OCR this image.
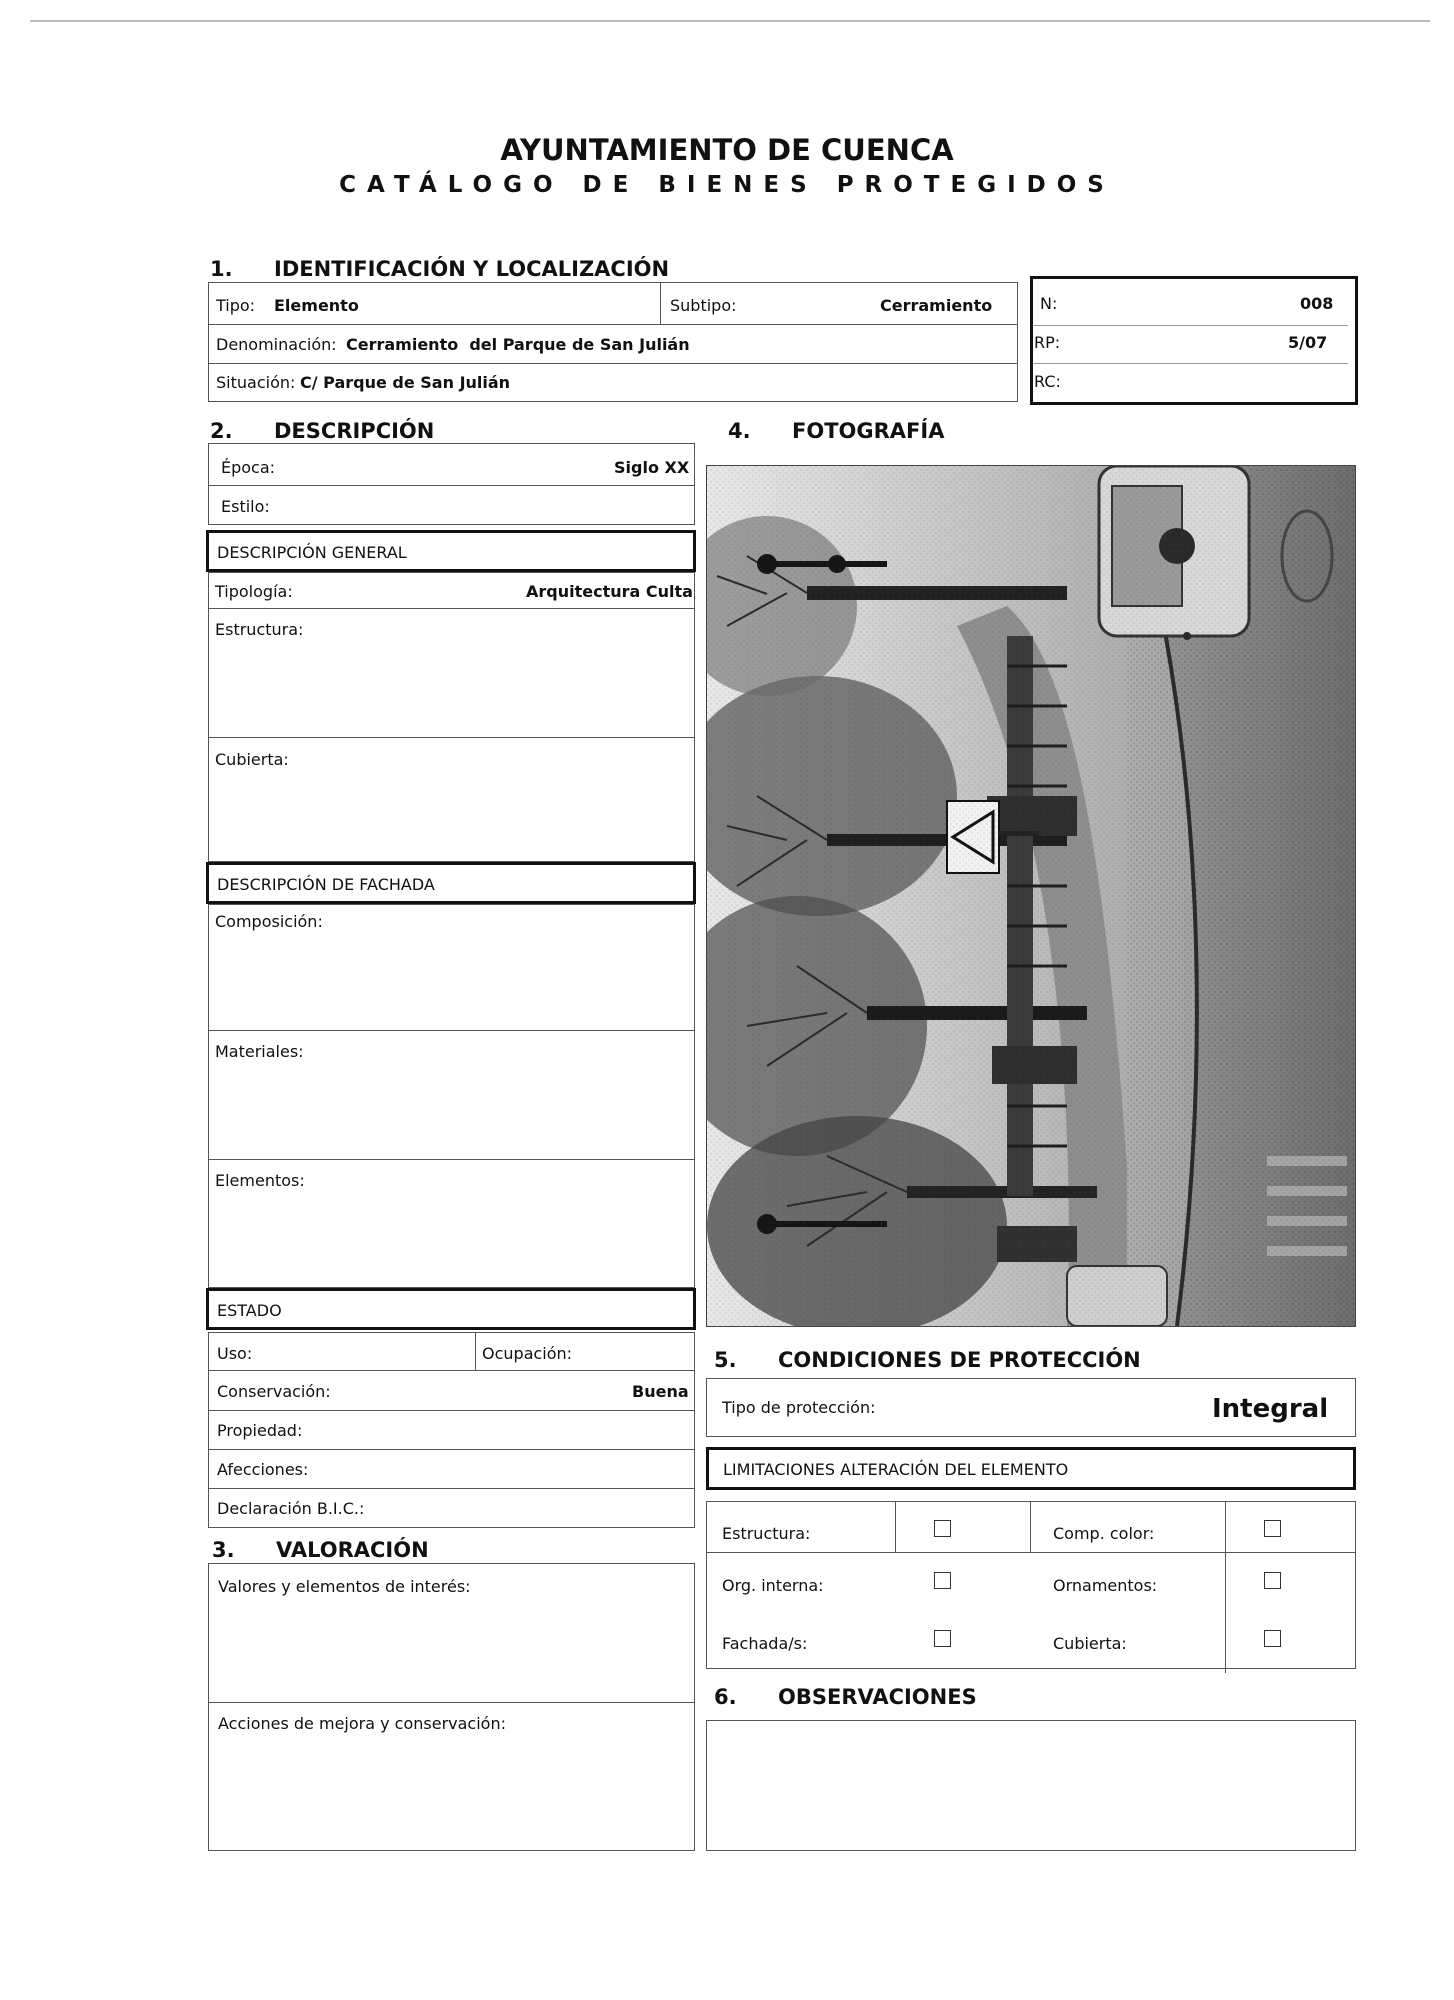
AYUNTAMIENTO DE CUENCA
CATÁLOGO DE BIENES PROTEGIDOS
1. IDENTIFICACIÓN Y LOCALIZACIÓN
Tipo: Elemento	Subtipo:	Cerramiento
Denominación: Cerramiento  del Parque de San Julián
Situación: C/ Parque de San Julián
N:	008
RP:	5/07
RC:
2. DESCRIPCIÓN
Época:	Siglo XX
Estilo:
DESCRIPCIÓN GENERAL
Tipología:	Arquitectura Culta
Estructura:
Cubierta:
DESCRIPCIÓN DE FACHADA
Composición:
Materiales:
Elementos:
ESTADO
Uso:	Ocupación:
Conservación:	Buena
Propiedad:
Afecciones:
Declaración B.I.C.:
3. VALORACIÓN
Valores y elementos de interés:
Acciones de mejora y conservación:
4. FOTOGRAFÍA
5. CONDICIONES DE PROTECCIÓN
Tipo de protección:	Integral
LIMITACIONES ALTERACIÓN DEL ELEMENTO
Estructura:	Comp. color:
Org. interna:	Ornamentos:
Fachada/s:	Cubierta:
6. OBSERVACIONES
